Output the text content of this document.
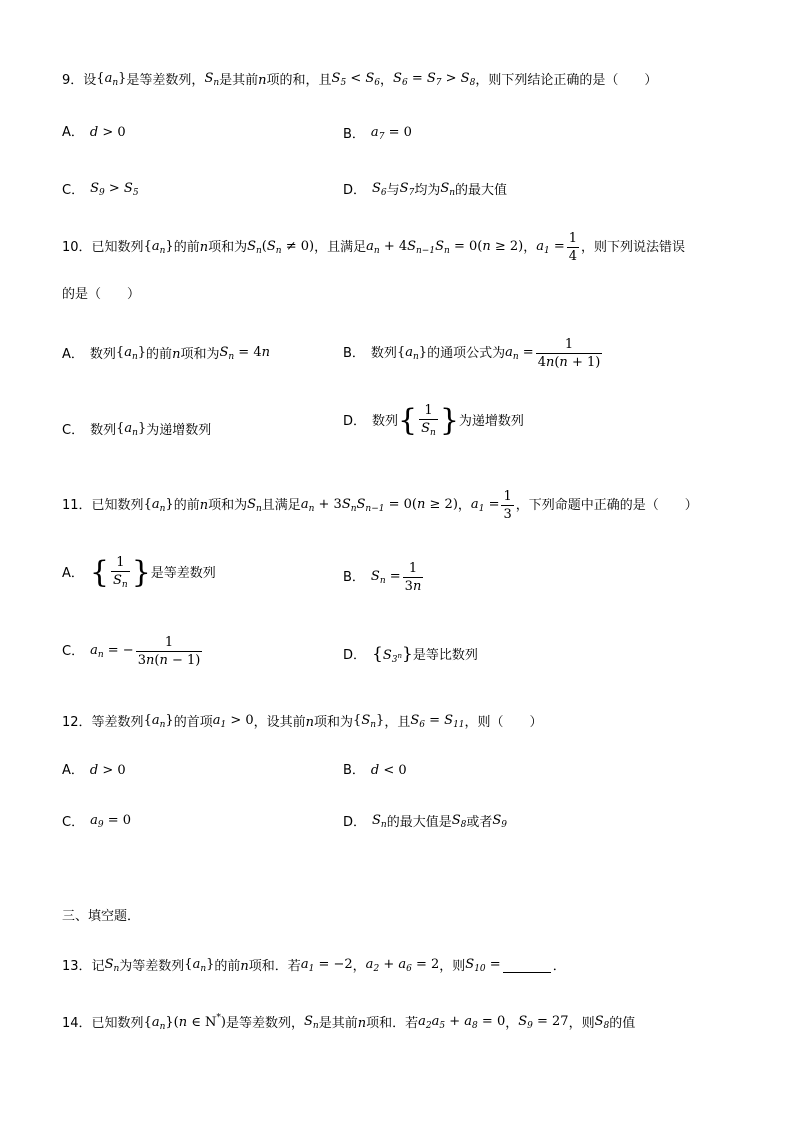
9． 设 $\{a_n\}$ 是等差数列， $S_n$ 是其前 n 项的和，且 $S_5 < S_6$ ， $S_6 = S_7 > S_8$ ，则下列结论正确的是（　　）
A． d > 0	B． $a_7 = 0$
C． $S_9 > S_5$	D． $S_6$ 与 $S_7$ 均为 $S_n$ 的最大值
10． 已知数列 $\{a_n\}$ 的前 n 项和为 $S_n(S_n \ne 0)$ ，且满足 $a_n + 4S_{n-1}S_n = 0(n \ge 2)$ ， $a_1 = \frac{1}{4}$ ，则下列说法错误
的是（　　）
A． 数列 $\{a_n\}$ 的前 n 项和为 $S_n = 4n$	B． 数列 $\{a_n\}$ 的通项公式为 $a_n = \frac{1}{4n(n + 1)}$
C． 数列 $\{a_n\}$ 为递增数列
D． 数列 { $\frac{1}{S_n}$ } 为递增数列
11． 已知数列 $\{a_n\}$ 的前 n 项和为 $S_n$ 且满足 $a_n + 3S_nS_{n-1} = 0(n \ge 2)$ ， $a_1 = \frac{1}{3}$ ，下列命题中正确的是（　　）
A． { $\frac{1}{S_n}$ } 是等差数列	B． $S_n = \frac{1}{3n}$
C． $a_n$ = − $\frac{1}{3n(n - 1)}$	D． $\{S_{3^n}\}$ 是等比数列
12． 等差数列 $\{a_n\}$ 的首项 $a_1 > 0$ ，设其前 n 项和为 $\{S_n\}$ ，且 $S_6 = S_{11}$ ，则（　　）
A． d > 0	B． d < 0
C． $a_9 = 0$	D． $S_n$ 的最大值是 $S_8$ 或者 $S_9$
三、填空题．
13． 记 $S_n$ 为等差数列 $\{a_n\}$ 的前 n 项和．若 $a_1 = -2$ ， $a_2 + a_6 = 2$ ，则 $S_{10}$ =	．
14． 已知数列 $\{a_n\}(n$ ∈ N*) 是等差数列， $S_n$ 是其前 n 项和．若 $a_2a_5 + a_8 = 0$ ， $S_9 = 27$ ，则 $S_8$ 的值
